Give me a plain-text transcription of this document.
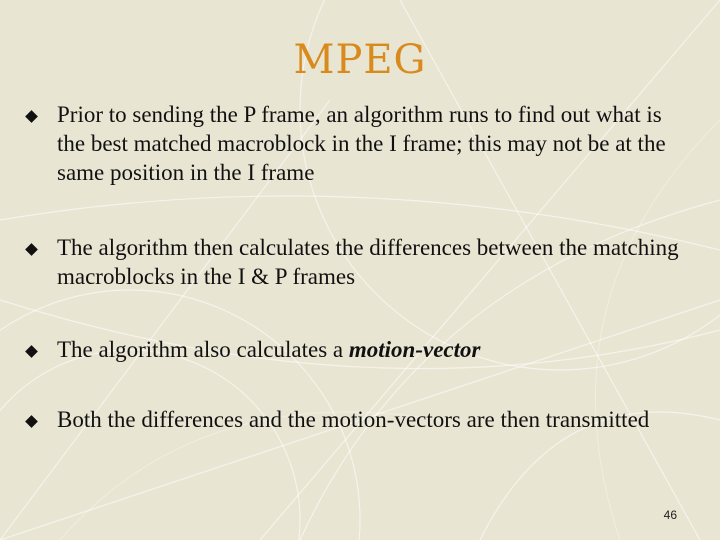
MPEG
Prior to sending the P frame, an algorithm runs to find out what is the best matched macroblock in the I frame; this may not be at the same position in the I frame
The algorithm then calculates the differences between the matching macroblocks in the I & P frames
The algorithm also calculates a motion-vector
Both the differences and the motion-vectors are then transmitted
46
